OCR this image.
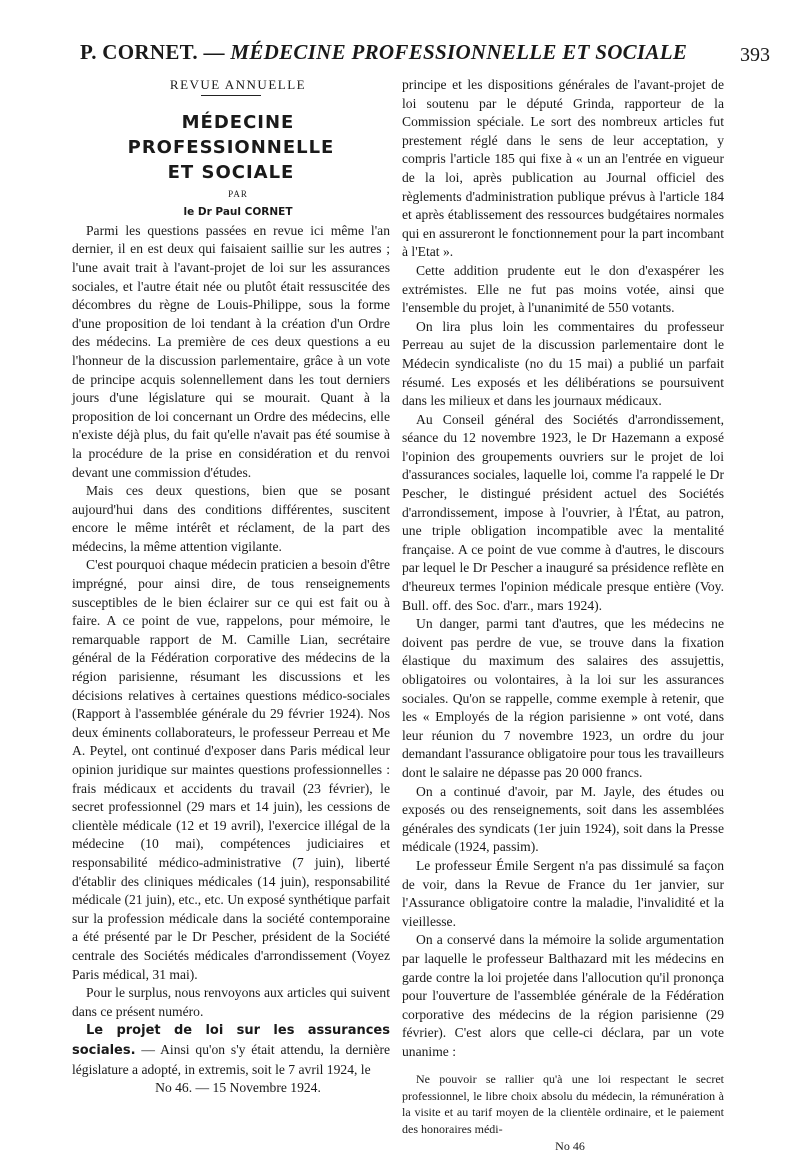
P. CORNET. — MÉDECINE PROFESSIONNELLE ET SOCIALE	393

REVUE ANNUELLE

MÉDECINE
PROFESSIONNELLE
ET SOCIALE

PAR

le Dr Paul CORNET

Parmi les questions passées en revue ici même l'an dernier, il en est deux qui faisaient saillie sur les autres ; l'une avait trait à l'avant-projet de loi sur les assurances sociales, et l'autre était née ou plutôt était ressuscitée des décombres du règne de Louis-Philippe, sous la forme d'une proposition de loi tendant à la création d'un Ordre des médecins. La première de ces deux questions a eu l'honneur de la discussion parlementaire, grâce à un vote de principe acquis solennellement dans les tout derniers jours d'une législature qui se mourait. Quant à la proposition de loi concernant un Ordre des médecins, elle n'existe déjà plus, du fait qu'elle n'avait pas été soumise à la procédure de la prise en considération et du renvoi devant une commission d'études.

Mais ces deux questions, bien que se posant aujourd'hui dans des conditions différentes, suscitent encore le même intérêt et réclament, de la part des médecins, la même attention vigilante.

C'est pourquoi chaque médecin praticien a besoin d'être imprégné, pour ainsi dire, de tous renseignements susceptibles de le bien éclairer sur ce qui est fait ou à faire. A ce point de vue, rappelons, pour mémoire, le remarquable rapport de M. Camille Lian, secrétaire général de la Fédération corporative des médecins de la région parisienne, résumant les discussions et les décisions relatives à certaines questions médico-sociales (Rapport à l'assemblée générale du 29 février 1924). Nos deux éminents collaborateurs, le professeur Perreau et Me A. Peytel, ont continué d'exposer dans Paris médical leur opinion juridique sur maintes questions professionnelles : frais médicaux et accidents du travail (23 février), le secret professionnel (29 mars et 14 juin), les cessions de clientèle médicale (12 et 19 avril), l'exercice illégal de la médecine (10 mai), compétences judiciaires et responsabilité médico-administrative (7 juin), liberté d'établir des cliniques médicales (14 juin), responsabilité médicale (21 juin), etc., etc. Un exposé synthétique parfait sur la profession médicale dans la société contemporaine a été présenté par le Dr Pescher, président de la Société centrale des Sociétés médicales d'arrondissement (Voyez Paris médical, 31 mai).

Pour le surplus, nous renvoyons aux articles qui suivent dans ce présent numéro.

Le projet de loi sur les assurances sociales. — Ainsi qu'on s'y était attendu, la dernière législature a adopté, in extremis, soit le 7 avril 1924, le

No 46. — 15 Novembre 1924.

principe et les dispositions générales de l'avant-projet de loi soutenu par le député Grinda, rapporteur de la Commission spéciale. Le sort des nombreux articles fut prestement réglé dans le sens de leur acceptation, y compris l'article 185 qui fixe à « un an l'entrée en vigueur de la loi, après publication au Journal officiel des règlements d'administration publique prévus à l'article 184 et après établissement des ressources budgétaires normales qui en assureront le fonctionnement pour la part incombant à l'Etat ».

Cette addition prudente eut le don d'exaspérer les extrémistes. Elle ne fut pas moins votée, ainsi que l'ensemble du projet, à l'unanimité de 550 votants.

On lira plus loin les commentaires du professeur Perreau au sujet de la discussion parlementaire dont le Médecin syndicaliste (no du 15 mai) a publié un parfait résumé. Les exposés et les délibérations se poursuivent dans les milieux et dans les journaux médicaux.

Au Conseil général des Sociétés d'arrondissement, séance du 12 novembre 1923, le Dr Hazemann a exposé l'opinion des groupements ouvriers sur le projet de loi d'assurances sociales, laquelle loi, comme l'a rappelé le Dr Pescher, le distingué président actuel des Sociétés d'arrondissement, impose à l'ouvrier, à l'État, au patron, une triple obligation incompatible avec la mentalité française. A ce point de vue comme à d'autres, le discours par lequel le Dr Pescher a inauguré sa présidence reflète en d'heureux termes l'opinion médicale presque entière (Voy. Bull. off. des Soc. d'arr., mars 1924).

Un danger, parmi tant d'autres, que les médecins ne doivent pas perdre de vue, se trouve dans la fixation élastique du maximum des salaires des assujettis, obligatoires ou volontaires, à la loi sur les assurances sociales. Qu'on se rappelle, comme exemple à retenir, que les « Employés de la région parisienne » ont voté, dans leur réunion du 7 novembre 1923, un ordre du jour demandant l'assurance obligatoire pour tous les travailleurs dont le salaire ne dépasse pas 20 000 francs.

On a continué d'avoir, par M. Jayle, des études ou exposés ou des renseignements, soit dans les assemblées générales des syndicats (1er juin 1924), soit dans la Presse médicale (1924, passim).

Le professeur Émile Sergent n'a pas dissimulé sa façon de voir, dans la Revue de France du 1er janvier, sur l'Assurance obligatoire contre la maladie, l'invalidité et la vieillesse.

On a conservé dans la mémoire la solide argumentation par laquelle le professeur Balthazard mit les médecins en garde contre la loi projetée dans l'allocution qu'il prononça pour l'ouverture de l'assemblée générale de la Fédération corporative des médecins de la région parisienne (29 février). C'est alors que celle-ci déclara, par un vote unanime :

Ne pouvoir se rallier qu'à une loi respectant le secret professionnel, le libre choix absolu du médecin, la rémunération à la visite et au tarif moyen de la clientèle ordinaire, et le paiement des honoraires médi-

No 46
